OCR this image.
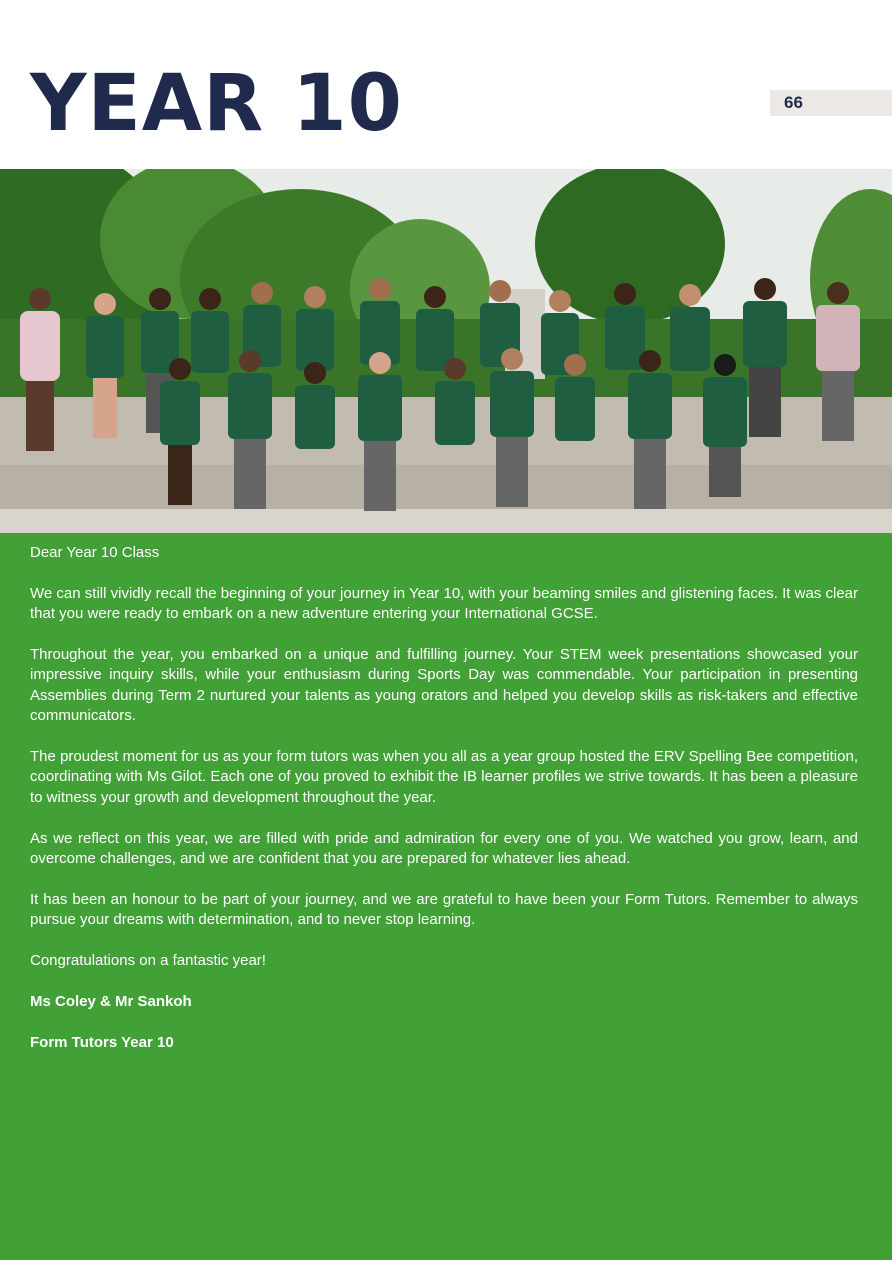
YEAR 10	66

Dear Year 10 Class

We can still vividly recall the beginning of your journey in Year 10, with your beaming smiles and glistening faces. It was clear that you were ready to embark on a new adventure entering your International GCSE.

Throughout the year, you embarked on a unique and fulfilling journey. Your STEM week presentations showcased your impressive inquiry skills, while your enthusiasm during Sports Day was commendable. Your participation in presenting Assemblies during Term 2 nurtured your talents as young orators and helped you develop skills as risk-takers and effective communicators.

The proudest moment for us as your form tutors was when you all as a year group hosted the ERV Spelling Bee competition, coordinating with Ms Gilot. Each one of you proved to exhibit the IB learner profiles we strive towards. It has been a pleasure to witness your growth and development throughout the year.

As we reflect on this year, we are filled with pride and admiration for every one of you. We watched you grow, learn, and overcome challenges, and we are confident that you are prepared for whatever lies ahead.

It has been an honour to be part of your journey, and we are grateful to have been your Form Tutors. Remember to always pursue your dreams with determination, and to never stop learning.

Congratulations on a fantastic year!

Ms Coley & Mr Sankoh

Form Tutors Year 10
